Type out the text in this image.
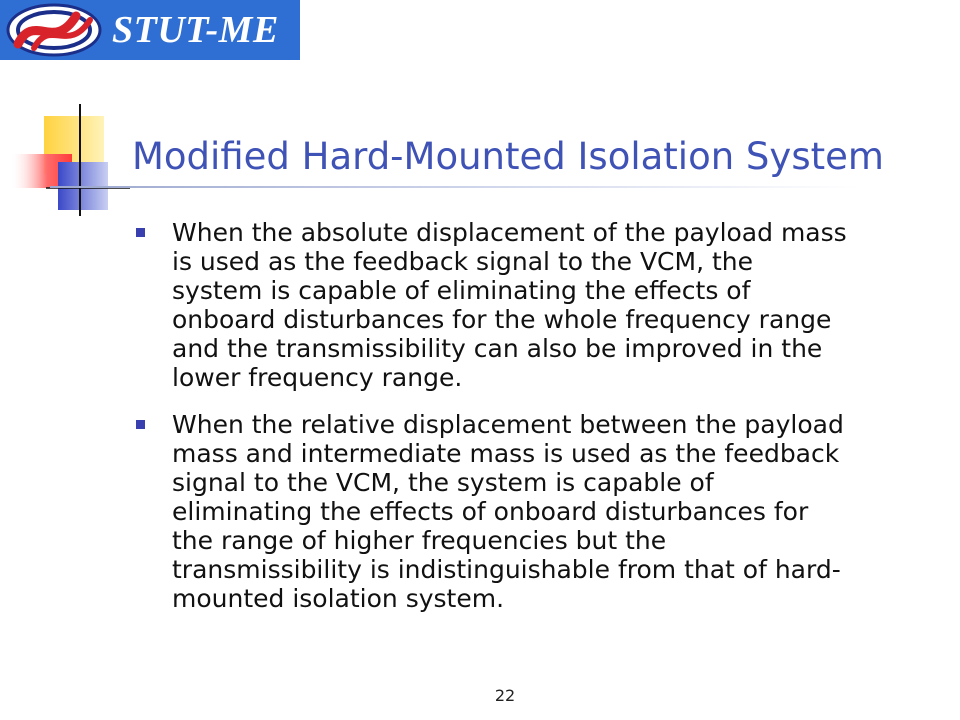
STUT-ME
Modified Hard-Mounted Isolation System

When the absolute displacement of the payload mass
is used as the feedback signal to the VCM, the
system is capable of eliminating the effects of
onboard disturbances for the whole frequency range
and the transmissibility can also be improved in the
lower frequency range.

When the relative displacement between the payload
mass and intermediate mass is used as the feedback
signal to the VCM, the system is capable of
eliminating the effects of onboard disturbances for
the range of higher frequencies but the
transmissibility is indistinguishable from that of hard-
mounted isolation system.

22
